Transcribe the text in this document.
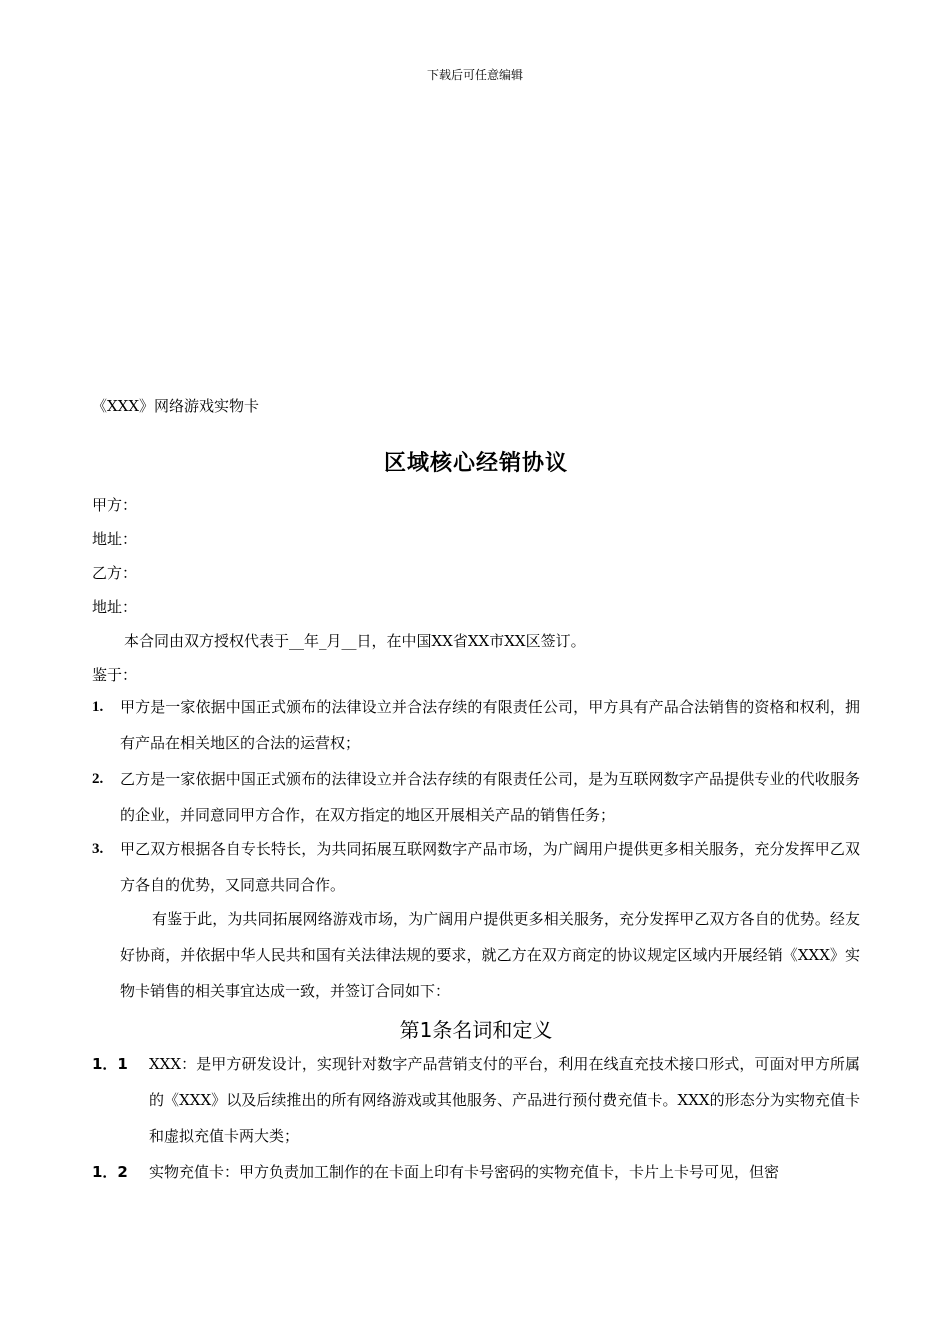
下载后可任意编辑
《XXX》网络游戏实物卡
区域核心经销协议
甲方：
地址：
乙方：
地址：
本合同由双方授权代表于__年_月__日，在中国XX省XX市XX区签订。
鉴于：
1. 甲方是一家依据中国正式颁布的法律设立并合法存续的有限责任公司，甲方具有产品合法销售的资格和权利，拥有产品在相关地区的合法的运营权；
2. 乙方是一家依据中国正式颁布的法律设立并合法存续的有限责任公司，是为互联网数字产品提供专业的代收服务的企业，并同意同甲方合作，在双方指定的地区开展相关产品的销售任务；
3. 甲乙双方根据各自专长特长，为共同拓展互联网数字产品市场，为广阔用户提供更多相关服务，充分发挥甲乙双方各自的优势，又同意共同合作。
有鉴于此，为共同拓展网络游戏市场，为广阔用户提供更多相关服务，充分发挥甲乙双方各自的优势。经友好协商，并依据中华人民共和国有关法律法规的要求，就乙方在双方商定的协议规定区域内开展经销《XXX》实物卡销售的相关事宜达成一致，并签订合同如下：
第1条名词和定义
1．1 XXX：是甲方研发设计，实现针对数字产品营销支付的平台，利用在线直充技术接口形式，可面对甲方所属的《XXX》以及后续推出的所有网络游戏或其他服务、产品进行预付费充值卡。XXX的形态分为实物充值卡和虚拟充值卡两大类；
1．2 实物充值卡：甲方负责加工制作的在卡面上印有卡号密码的实物充值卡，卡片上卡号可见，但密
